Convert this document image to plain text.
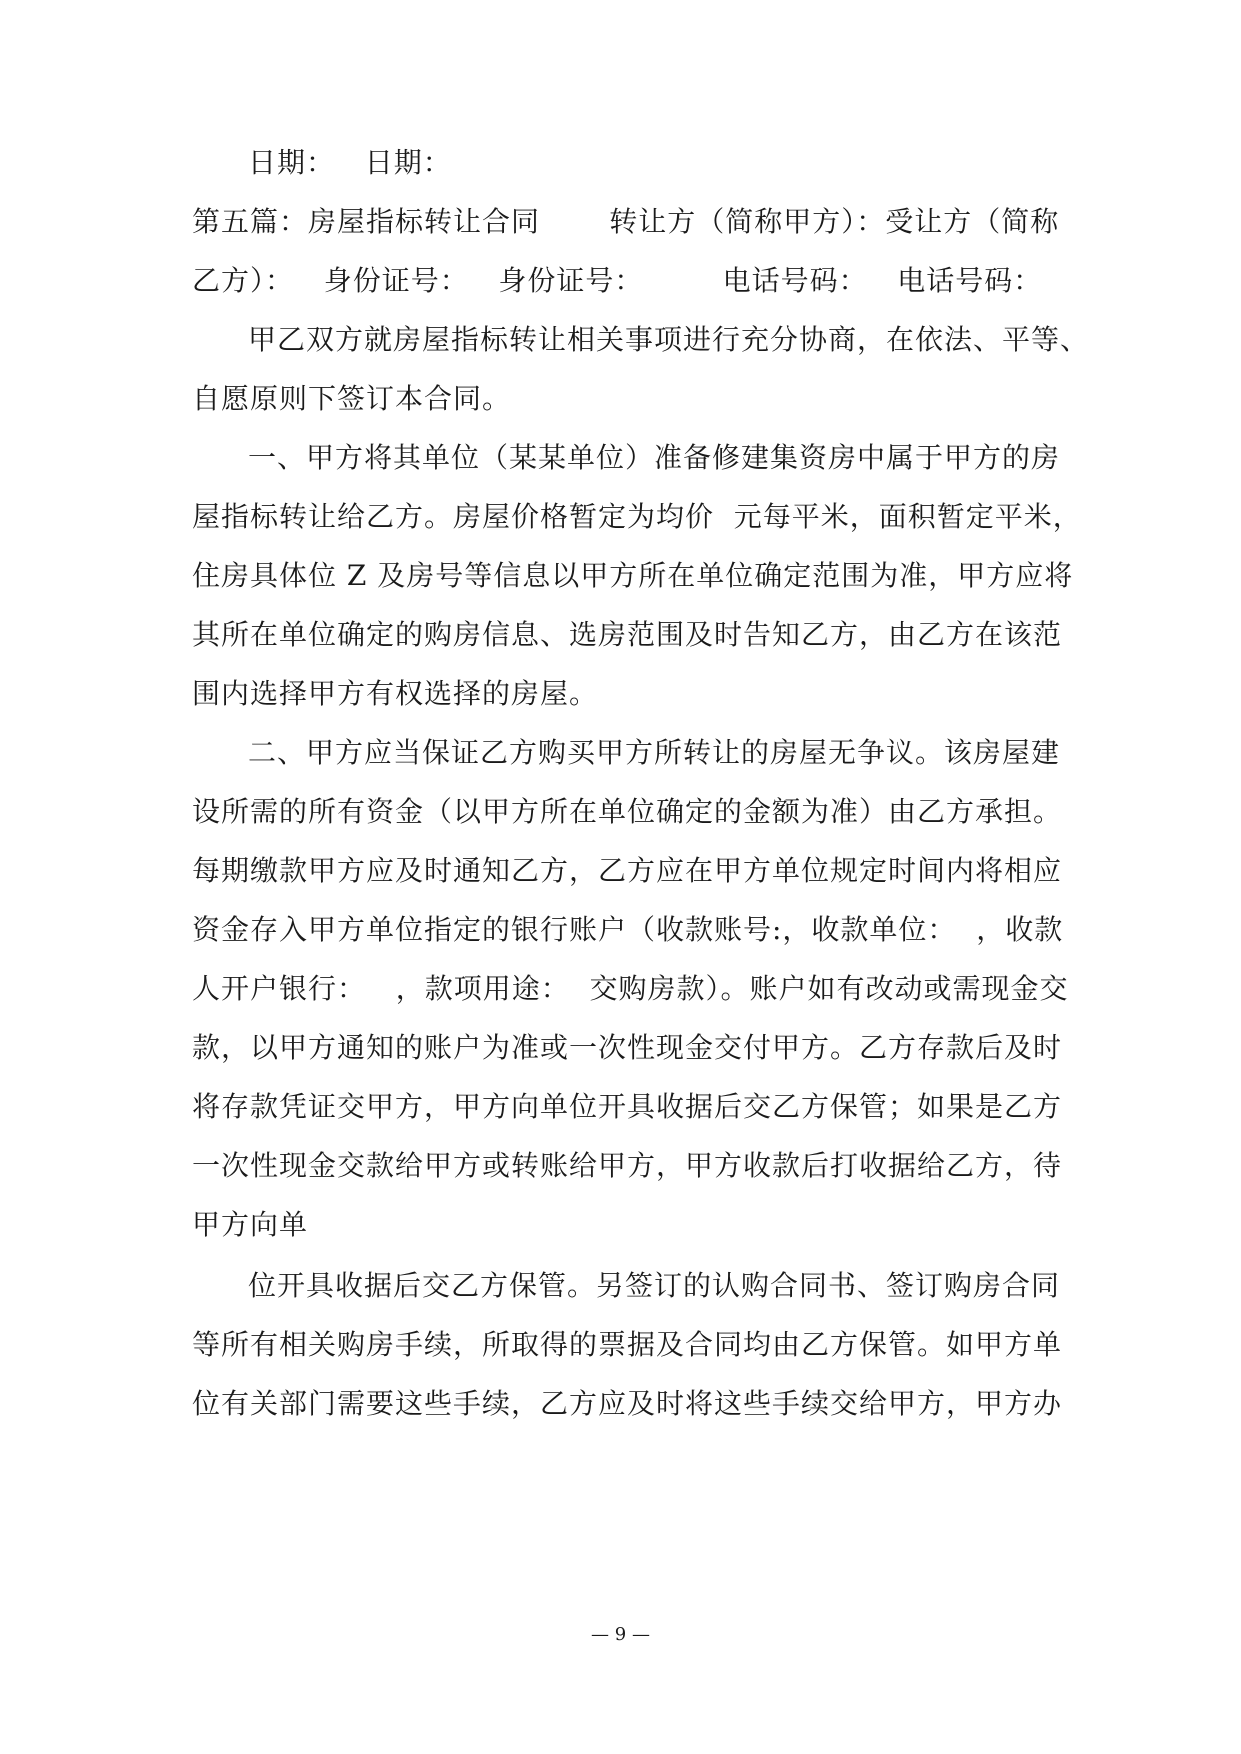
日期：   日期：
第五篇：房屋指标转让合同       转让方（简称甲方）：受让方（简称
乙方）：   身份证号：   身份证号：        电话号码：   电话号码：
甲乙双方就房屋指标转让相关事项进行充分协商，在依法、平等、
自愿原则下签订本合同。
一、甲方将其单位（某某单位）准备修建集资房中属于甲方的房
屋指标转让给乙方。房屋价格暂定为均价  元每平米，面积暂定平米，
住房具体位 Z 及房号等信息以甲方所在单位确定范围为准，甲方应将
其所在单位确定的购房信息、选房范围及时告知乙方，由乙方在该范
围内选择甲方有权选择的房屋。
二、甲方应当保证乙方购买甲方所转让的房屋无争议。该房屋建
设所需的所有资金（以甲方所在单位确定的金额为准）由乙方承担。
每期缴款甲方应及时通知乙方，乙方应在甲方单位规定时间内将相应
资金存入甲方单位指定的银行账户（收款账号:，收款单位：  ，收款
人开户银行：   ，款项用途：  交购房款）。账户如有改动或需现金交
款，以甲方通知的账户为准或一次性现金交付甲方。乙方存款后及时
将存款凭证交甲方，甲方向单位开具收据后交乙方保管；如果是乙方
一次性现金交款给甲方或转账给甲方，甲方收款后打收据给乙方，待
甲方向单
位开具收据后交乙方保管。另签订的认购合同书、签订购房合同
等所有相关购房手续，所取得的票据及合同均由乙方保管。如甲方单
位有关部门需要这些手续，乙方应及时将这些手续交给甲方，甲方办
— 9 —
